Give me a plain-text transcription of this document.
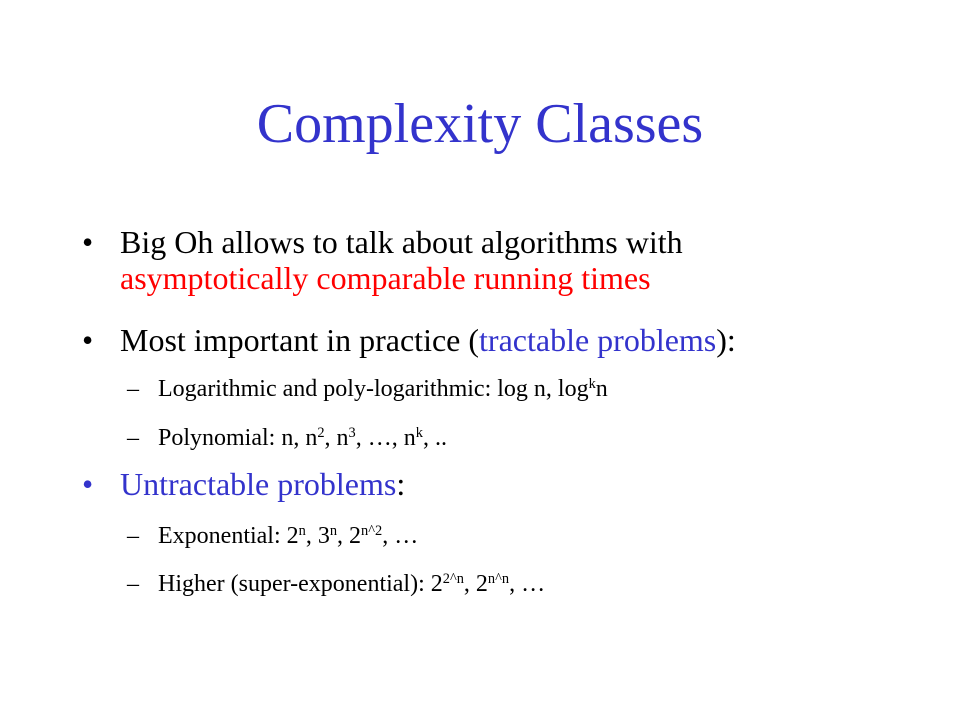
Complexity Classes
• Big Oh allows to talk about algorithms with
asymptotically comparable running times
• Most important in practice (tractable problems):
– Logarithmic and poly-logarithmic: log n, $\log^kn$
– Polynomial: n, $n^2$, $n^3$, …, $n^k$, ..
• Untractable problems:
– Exponential: 2$^n$, 3$^n$, $2^{n\^{}2}$, …
– Higher (super-exponential): $2^{2\^{}n}$, $2^{n\^{}n}$, …
